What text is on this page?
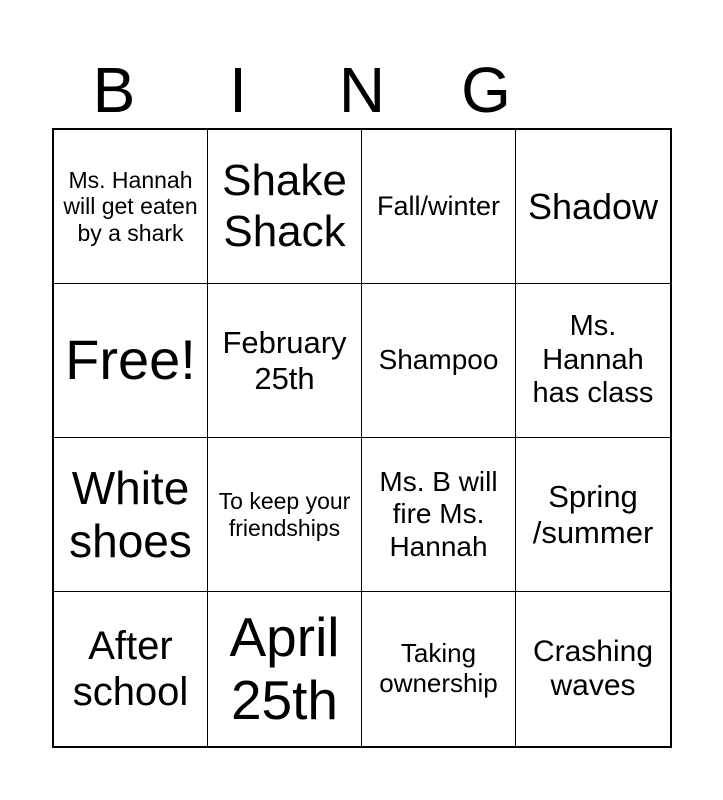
B	I	N	G
Ms. Hannah will get eaten by a shark
Shake Shack
Fall/winter Shadow
Free! February 25th
Shampoo
Ms. Hannah has class
White shoes
To keep your friendships
Ms. B will fire Ms. Hannah
Spring /summer
After school
April 25th
Taking ownership
Crashing waves
